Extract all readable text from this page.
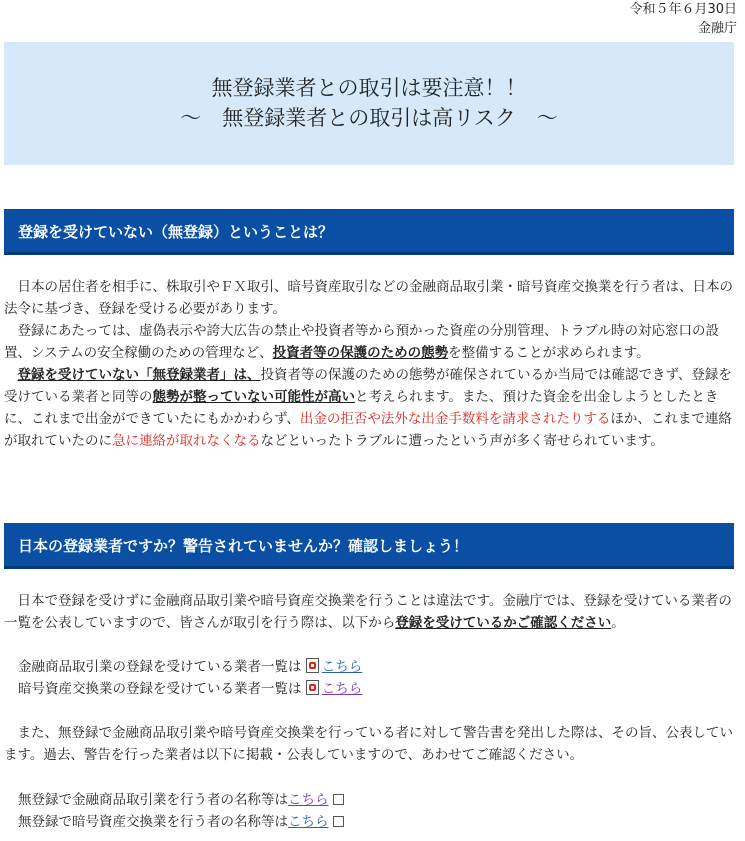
令和５年６月30日
金融庁
無登録業者との取引は要注意！！
～　無登録業者との取引は高リスク　～
登録を受けていない（無登録）ということは？

日本の居住者を相手に、株取引やＦＸ取引、暗号資産取引などの金融商品取引業・暗号資産交換業を行う者は、日本の法令に基づき、登録を受ける必要があります。

登録にあたっては、虚偽表示や誇大広告の禁止や投資者等から預かった資産の分別管理、トラブル時の対応窓口の設置、システムの安全稼働のための管理など、投資者等の保護のための態勢を整備することが求められます。

登録を受けていない「無登録業者」は、投資者等の保護のための態勢が確保されているか当局では確認できず、登録を受けている業者と同等の態勢が整っていない可能性が高いと考えられます。また、預けた資金を出金しようとしたときに、これまで出金ができていたにもかかわらず、出金の拒否や法外な出金手数料を請求されたりするほか、これまで連絡が取れていたのに急に連絡が取れなくなるなどといったトラブルに遭ったという声が多く寄せられています。

日本の登録業者ですか？警告されていませんか？確認しましょう！

日本で登録を受けずに金融商品取引業や暗号資産交換業を行うことは違法です。金融庁では、登録を受けている業者の一覧を公表していますので、皆さんが取引を行う際は、以下から登録を受けているかご確認ください。

金融商品取引業の登録を受けている業者一覧は こちら
暗号資産交換業の登録を受けている業者一覧は こちら

また、無登録で金融商品取引業や暗号資産交換業を行っている者に対して警告書を発出した際は、その旨、公表しています。過去、警告を行った業者は以下に掲載・公表していますので、あわせてご確認ください。

無登録で金融商品取引業を行う者の名称等はこちら
無登録で暗号資産交換業を行う者の名称等はこちら
